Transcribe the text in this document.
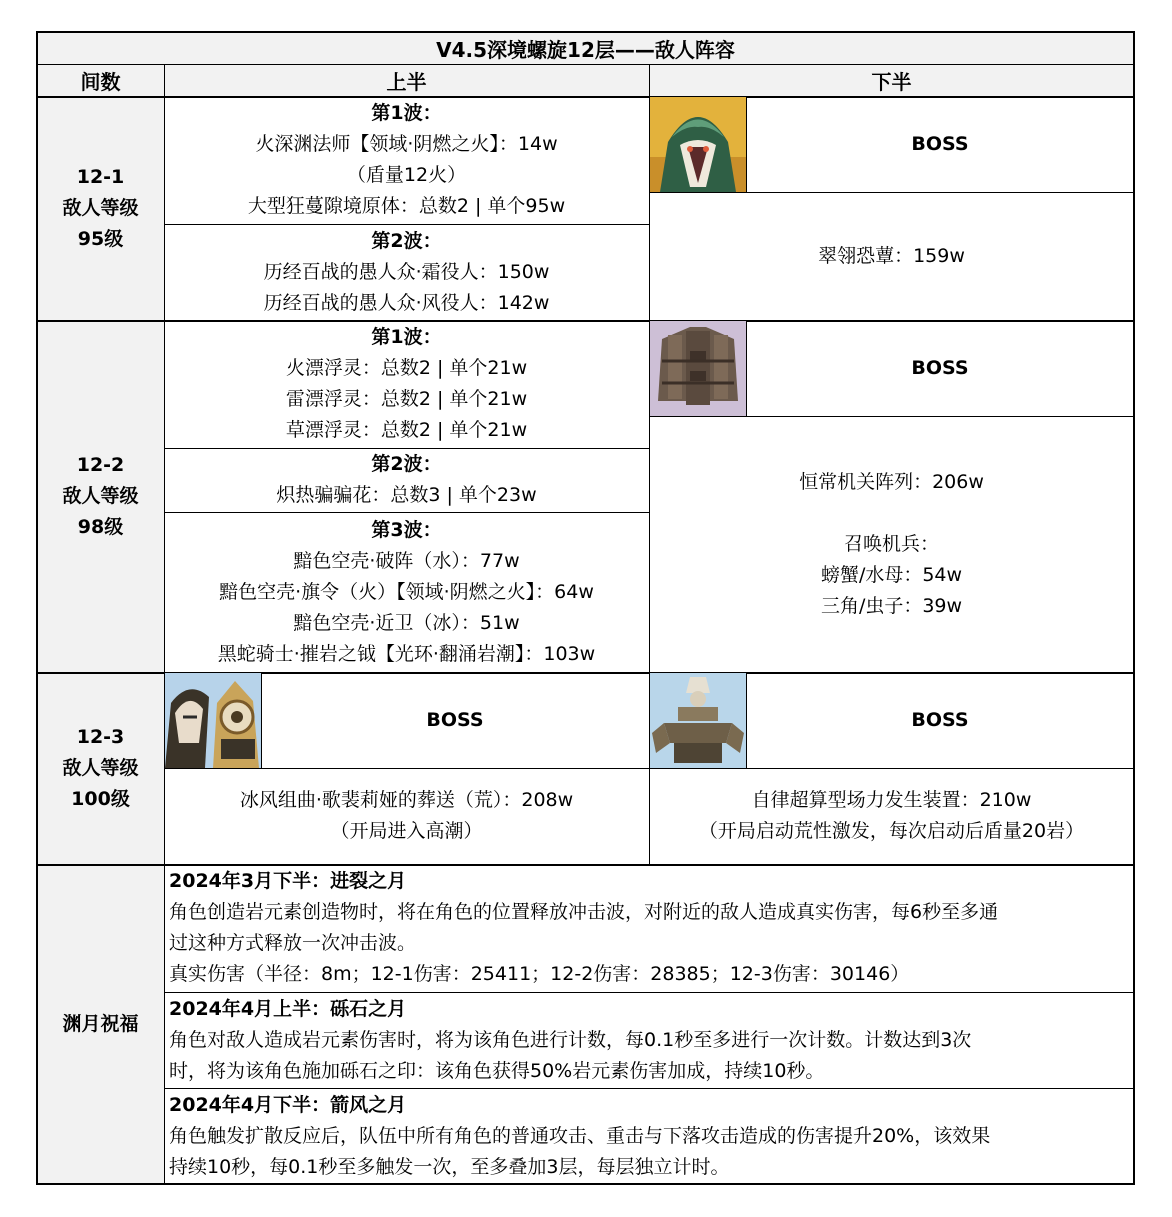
V4.5深境螺旋12层——敌人阵容
间数	上半	下半
12-1
敌人等级
95级
第1波：
火深渊法师【领域·阴燃之火】：14w
（盾量12火）
大型狂蔓隙境原体：总数2 | 单个95w
第2波：
历经百战的愚人众·霜役人：150w
历经百战的愚人众·风役人：142w
BOSS
翠翎恐蕈：159w
12-2
敌人等级
98级
第1波：
火漂浮灵：总数2 | 单个21w
雷漂浮灵：总数2 | 单个21w
草漂浮灵：总数2 | 单个21w
第2波：
炽热骗骗花：总数3 | 单个23w
第3波：
黯色空壳·破阵（水）：77w
黯色空壳·旗令（火）【领域·阴燃之火】：64w
黯色空壳·近卫（冰）：51w
黑蛇骑士·摧岩之钺【光环·翻涌岩潮】：103w
BOSS
恒常机关阵列：206w
召唤机兵：
螃蟹/水母：54w
三角/虫子：39w
12-3
敌人等级
100级
BOSS
冰风组曲·歌裴莉娅的葬送（荒）：208w
（开局进入高潮）
BOSS
自律超算型场力发生装置：210w
（开局启动荒性激发，每次启动后盾量20岩）
渊月祝福
2024年3月下半：进裂之月
角色创造岩元素创造物时，将在角色的位置释放冲击波，对附近的敌人造成真实伤害，每6秒至多通
过这种方式释放一次冲击波。
真实伤害（半径：8m；12-1伤害：25411；12-2伤害：28385；12-3伤害：30146）
2024年4月上半：砾石之月
角色对敌人造成岩元素伤害时，将为该角色进行计数，每0.1秒至多进行一次计数。计数达到3次
时，将为该角色施加砾石之印：该角色获得50%岩元素伤害加成，持续10秒。
2024年4月下半：箭风之月
角色触发扩散反应后，队伍中所有角色的普通攻击、重击与下落攻击造成的伤害提升20%，该效果
持续10秒，每0.1秒至多触发一次，至多叠加3层，每层独立计时。
